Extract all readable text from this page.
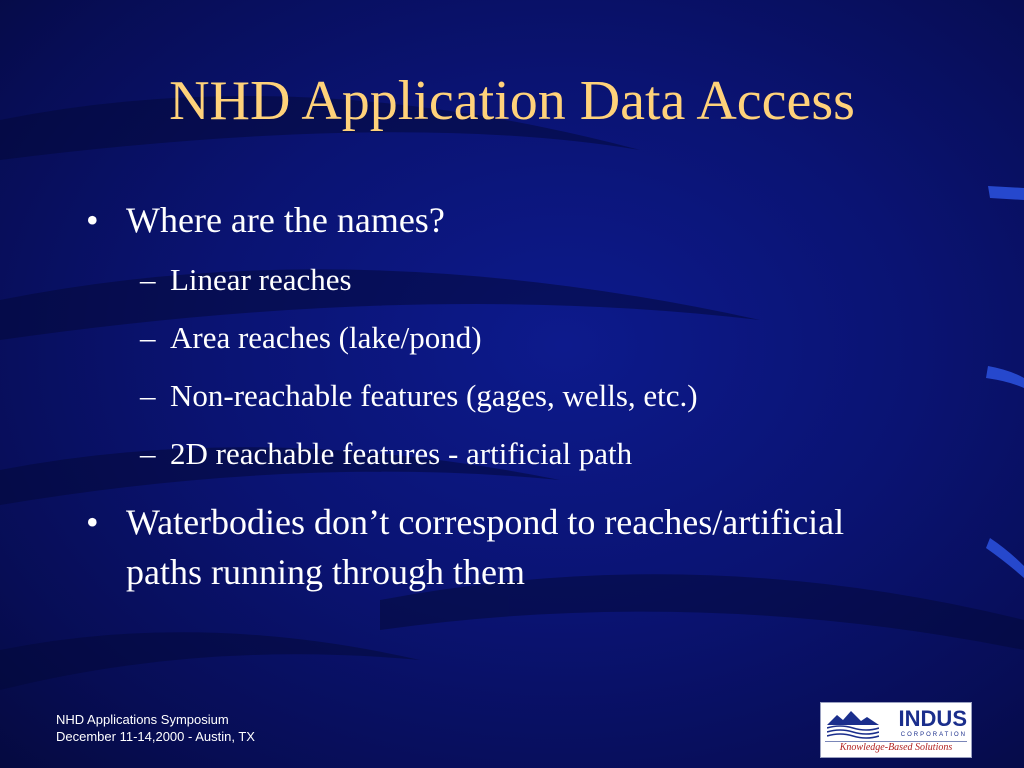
NHD Application Data Access
• Where are the names?
– Linear reaches
– Area reaches (lake/pond)
– Non-reachable features (gages, wells, etc.)
– 2D reachable features - artificial path
• Waterbodies don’t correspond to reaches/artificial paths running through them
NHD Applications Symposium
December 11-14,2000 - Austin, TX
INDUS
CORPORATION
Knowledge-Based Solutions
